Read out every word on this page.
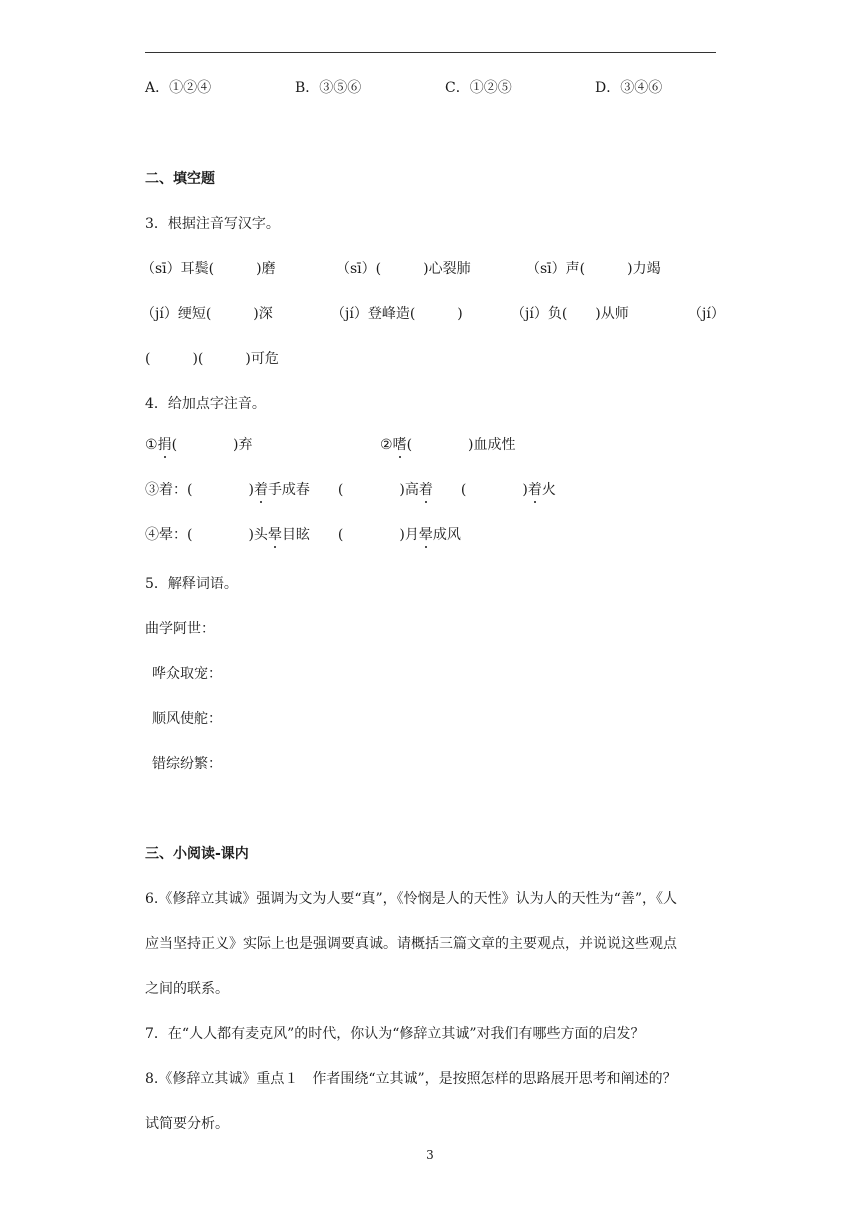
A．①②④	B．③⑤⑥	C．①②⑤	D．③④⑥
二、填空题
3．根据注音写汉字。
（sī）耳鬓(　　　)磨	（sī）(　　　)心裂肺	（sī）声(　　　)力竭
（jí）绠短(　　　)深	（jí）登峰造(　　　)	（jí）负(　　)从师	（jí）
(　　　)(　　　)可危
4．给加点字注音。
①捐(　　　　)弃	②嗜(　　　　)血成性
③着：(　　　　)着手成春　　(　　　　)高着　　(　　　　)着火
④晕：(　　　　)头晕目眩　　(　　　　)月晕成风
5．解释词语。
曲学阿世：
哗众取宠：
顺风使舵：
错综纷繁：
三、小阅读-课内
6.《修辞立其诚》强调为文为人要“真”，《怜悯是人的天性》认为人的天性为“善”，《人
应当坚持正义》实际上也是强调要真诚。请概括三篇文章的主要观点，并说说这些观点
之间的联系。
7．在“人人都有麦克风”的时代，你认为“修辞立其诚”对我们有哪些方面的启发？
8.《修辞立其诚》重点１　作者围绕“立其诚”，是按照怎样的思路展开思考和阐述的？
试简要分析。
3
